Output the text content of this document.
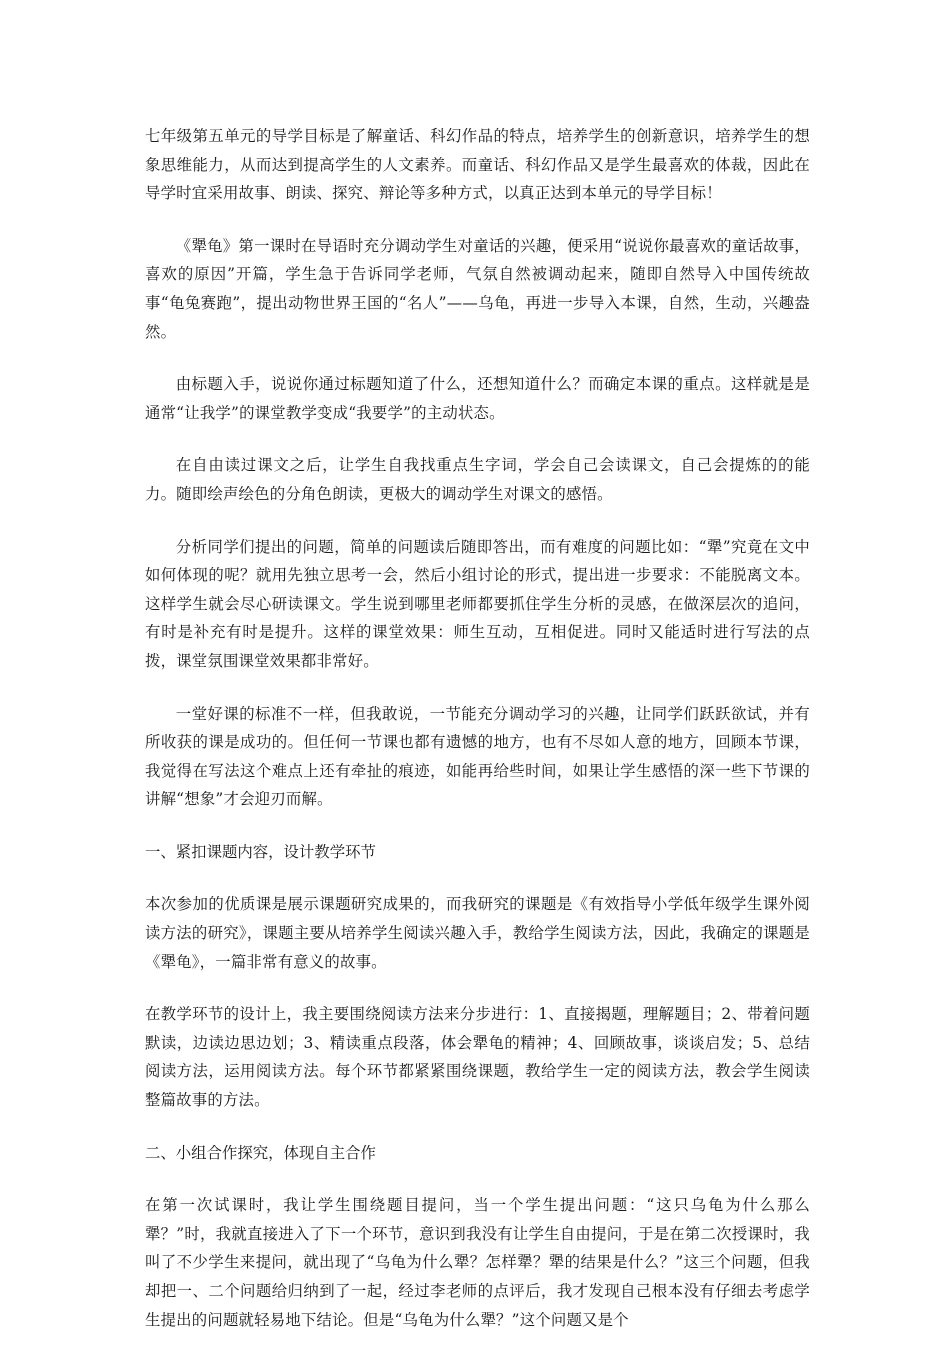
七年级第五单元的导学目标是了解童话、科幻作品的特点，培养学生的创新意识，培养学生的想象思维能力，从而达到提高学生的人文素养。而童话、科幻作品又是学生最喜欢的体裁，因此在导学时宜采用故事、朗读、探究、辩论等多种方式，以真正达到本单元的导学目标！

《犟龟》第一课时在导语时充分调动学生对童话的兴趣，便采用“说说你最喜欢的童话故事，喜欢的原因”开篇，学生急于告诉同学老师，气氛自然被调动起来，随即自然导入中国传统故事“龟兔赛跑”，提出动物世界王国的“名人”——乌龟，再进一步导入本课，自然，生动，兴趣盎然。

由标题入手，说说你通过标题知道了什么，还想知道什么？而确定本课的重点。这样就是是通常“让我学”的课堂教学变成“我要学”的主动状态。

在自由读过课文之后，让学生自我找重点生字词，学会自己会读课文，自己会提炼的的能力。随即绘声绘色的分角色朗读，更极大的调动学生对课文的感悟。

分析同学们提出的问题，简单的问题读后随即答出，而有难度的问题比如：“犟”究竟在文中如何体现的呢？就用先独立思考一会，然后小组讨论的形式，提出进一步要求：不能脱离文本。这样学生就会尽心研读课文。学生说到哪里老师都要抓住学生分析的灵感，在做深层次的追问，有时是补充有时是提升。这样的课堂效果：师生互动，互相促进。同时又能适时进行写法的点拨，课堂氛围课堂效果都非常好。

一堂好课的标准不一样，但我敢说，一节能充分调动学习的兴趣，让同学们跃跃欲试，并有所收获的课是成功的。但任何一节课也都有遗憾的地方，也有不尽如人意的地方，回顾本节课，我觉得在写法这个难点上还有牵扯的痕迹，如能再给些时间，如果让学生感悟的深一些下节课的讲解“想象”才会迎刃而解。

一、紧扣课题内容，设计教学环节

本次参加的优质课是展示课题研究成果的，而我研究的课题是《有效指导小学低年级学生课外阅读方法的研究》，课题主要从培养学生阅读兴趣入手，教给学生阅读方法，因此，我确定的课题是《犟龟》，一篇非常有意义的故事。

在教学环节的设计上，我主要围绕阅读方法来分步进行：1、直接揭题，理解题目；2、带着问题默读，边读边思边划；3、精读重点段落，体会犟龟的精神；4、回顾故事，谈谈启发；5、总结阅读方法，运用阅读方法。每个环节都紧紧围绕课题，教给学生一定的阅读方法，教会学生阅读整篇故事的方法。

二、小组合作探究，体现自主合作

在第一次试课时，我让学生围绕题目提问，当一个学生提出问题：“这只乌龟为什么那么犟？”时，我就直接进入了下一个环节，意识到我没有让学生自由提问，于是在第二次授课时，我叫了不少学生来提问，就出现了“乌龟为什么犟？怎样犟？犟的结果是什么？”这三个问题，但我却把一、二个问题给归纳到了一起，经过李老师的点评后，我才发现自己根本没有仔细去考虑学生提出的问题就轻易地下结论。但是“乌龟为什么犟？”这个问题又是个
